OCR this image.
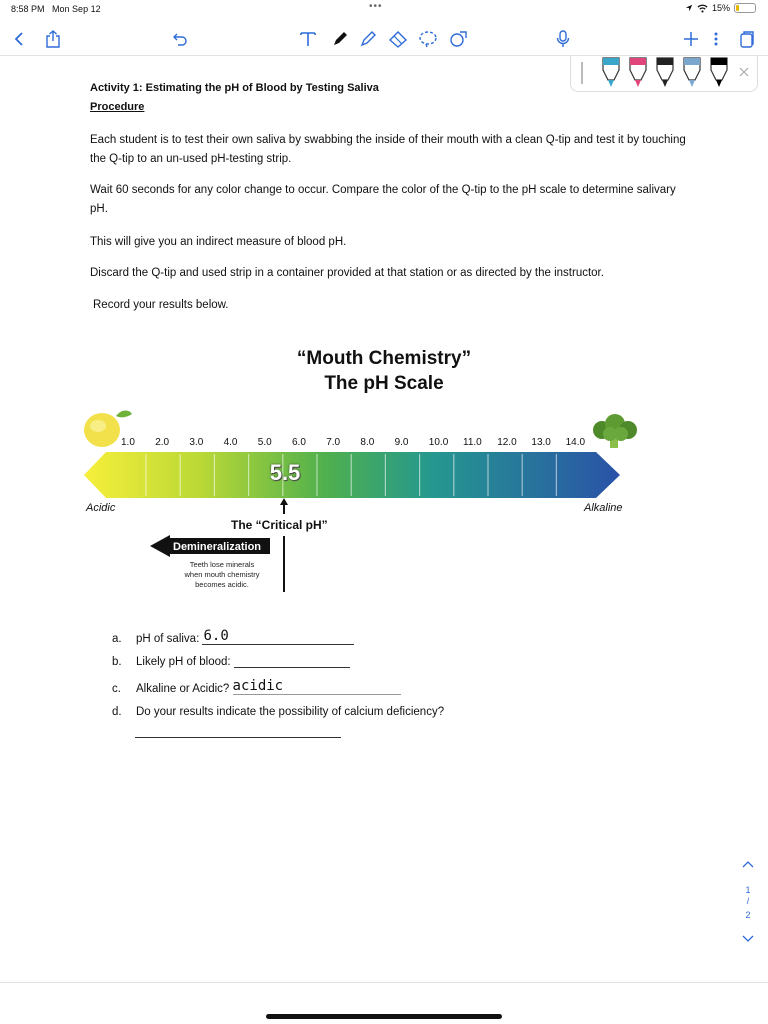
8:58 PM Mon Sep 12	•••	15%
Activity 1: Estimating the pH of Blood by Testing Saliva
Procedure
Each student is to test their own saliva by swabbing the inside of their mouth with a clean Q-tip and test it by touching the Q-tip to an un-used pH-testing strip.
Wait 60 seconds for any color change to occur. Compare the color of the Q-tip to the pH scale to determine salivary pH.
This will give you an indirect measure of blood pH.
Discard the Q-tip and used strip in a container provided at that station or as directed by the instructor.
Record your results below.
“Mouth Chemistry”
The pH Scale
1.0 2.0 3.0 4.0 5.0 6.0 7.0 8.0 9.0 10.0 11.0 12.0 13.0 14.0
5.5
Acidic	Alkaline
The “Critical pH”
Demineralization
Teeth lose minerals
when mouth chemistry
becomes acidic.
a. pH of saliva: 6.0
b. Likely pH of blood:
c. Alkaline or Acidic? acidic
d. Do your results indicate the possibility of calcium deficiency?
1
/
2
